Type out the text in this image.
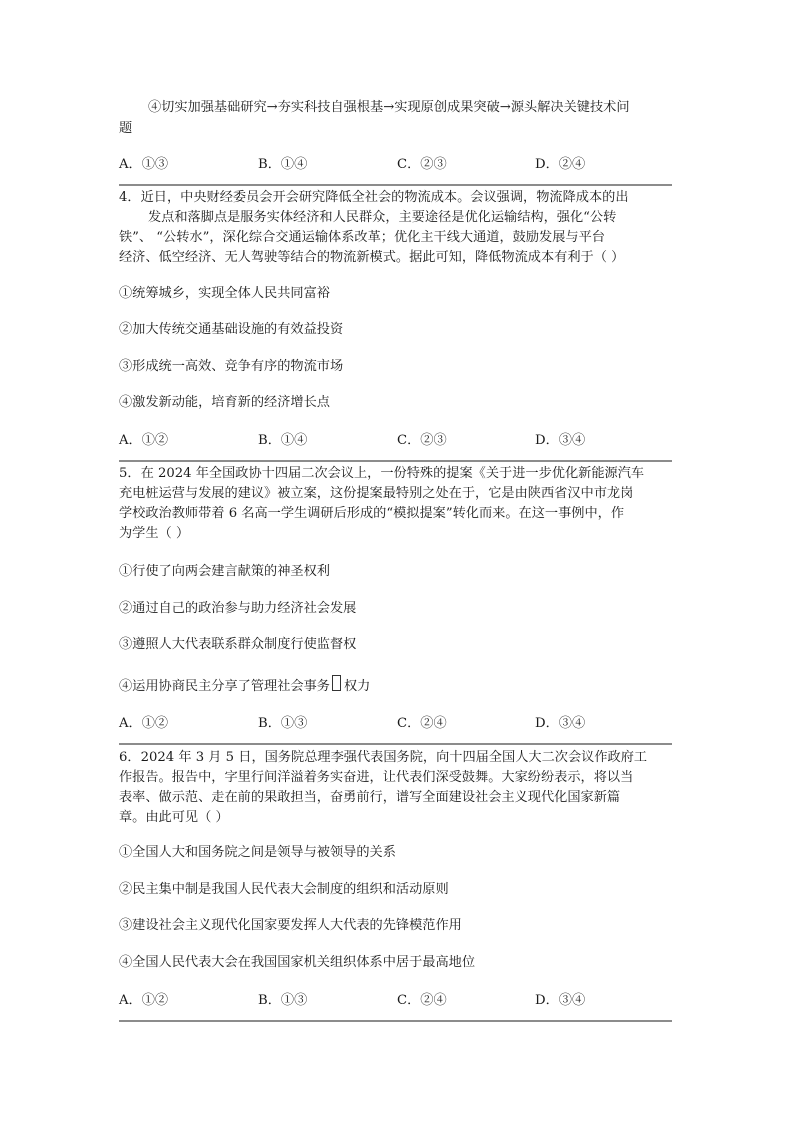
④切实加强基础研究→夯实科技自强根基→实现原创成果突破→源头解决关键技术问
题
A．①③	B．①④	C．②③	D．②④
4．近日，中央财经委员会开会研究降低全社会的物流成本。会议强调，物流降成本的出
发点和落脚点是服务实体经济和人民群众，主要途径是优化运输结构，强化“公转
铁”、 “公转水”，深化综合交通运输体系改革；优化主干线大通道，鼓励发展与平台
经济、低空经济、无人驾驶等结合的物流新模式。据此可知，降低物流成本有利于（ ）
①统筹城乡，实现全体人民共同富裕
②加大传统交通基础设施的有效益投资
③形成统一高效、竞争有序的物流市场
④激发新动能，培育新的经济增长点
A．①②	B．①④	C．②③	D．③④
5．在 2024 年全国政协十四届二次会议上，一份特殊的提案《关于进一步优化新能源汽车
充电桩运营与发展的建议》被立案，这份提案最特别之处在于，它是由陕西省汉中市龙岗
学校政治教师带着 6 名高一学生调研后形成的“模拟提案”转化而来。在这一事例中，作
为学生（ ）
①行使了向两会建言献策的神圣权利
②通过自己的政治参与助力经济社会发展
③遵照人大代表联系群众制度行使监督权
④运用协商民主分享了管理社会事务 权力
A．①②	B．①③	C．②④	D．③④
6．2024 年 3 月 5 日，国务院总理李强代表国务院，向十四届全国人大二次会议作政府工
作报告。报告中，字里行间洋溢着务实奋进，让代表们深受鼓舞。大家纷纷表示，将以当
表率、做示范、走在前的果敢担当，奋勇前行，谱写全面建设社会主义现代化国家新篇
章。由此可见（ ）
①全国人大和国务院之间是领导与被领导的关系
②民主集中制是我国人民代表大会制度的组织和活动原则
③建设社会主义现代化国家要发挥人大代表的先锋模范作用
④全国人民代表大会在我国国家机关组织体系中居于最高地位
A．①②	B．①③	C．②④	D．③④
